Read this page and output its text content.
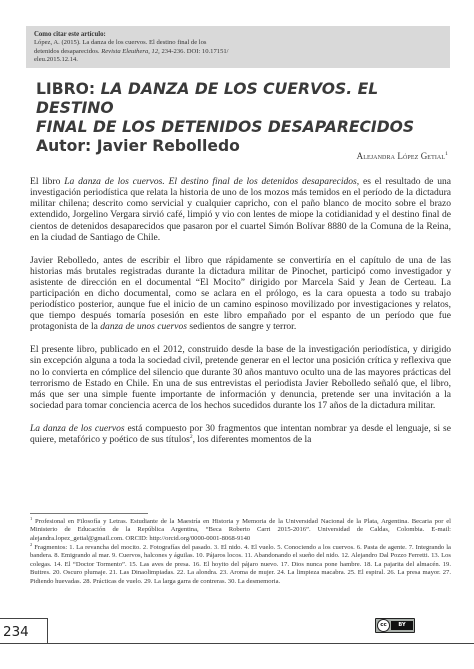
Como citar este artículo:
López, A. (2015). La danza de los cuervos. El destino final de los
detenidos desaparecidos. Revista Eleuthera, 12, 234-236. DOI: 10.17151/
eleu.2015.12.14.
LIBRO: LA DANZA DE LOS CUERVOS. EL DESTINO
FINAL DE LOS DETENIDOS DESAPARECIDOS
Autor: Javier Rebolledo
Alejandra López Getial$^1$

El libro La danza de los cuervos. El destino final de los detenidos desaparecidos, es el resultado de una investigación periodística que relata la historia de uno de los mozos más temidos en el período de la dictadura militar chilena; descrito como servicial y cualquier capricho, con el paño blanco de mocito sobre el brazo extendido, Jorgelino Vergara sirvió café, limpió y vio con lentes de miope la cotidianidad y el destino final de cientos de detenidos desaparecidos que pasaron por el cuartel Simón Bolívar 8880 de la Comuna de la Reina, en la ciudad de Santiago de Chile.

Javier Rebolledo, antes de escribir el libro que rápidamente se convertiría en el capítulo de una de las historias más brutales registradas durante la dictadura militar de Pinochet, participó como investigador y asistente de dirección en el documental “El Mocito” dirigido por Marcela Said y Jean de Certeau. La participación en dicho documental, como se aclara en el prólogo, es la cara opuesta a todo su trabajo periodístico posterior, aunque fue el inicio de un camino espinoso movilizado por investigaciones y relatos, que tiempo después tomaría posesión en este libro empañado por el espanto de un período que fue protagonista de la danza de unos cuervos sedientos de sangre y terror.

El presente libro, publicado en el 2012, construido desde la base de la investigación periodística, y dirigido sin excepción alguna a toda la sociedad civil, pretende generar en el lector una posición crítica y reflexiva que no lo convierta en cómplice del silencio que durante 30 años mantuvo oculto una de las mayores prácticas del terrorismo de Estado en Chile. En una de sus entrevistas el periodista Javier Rebolledo señaló que, el libro, más que ser una simple fuente importante de información y denuncia, pretende ser una invitación a la sociedad para tomar conciencia acerca de los hechos sucedidos durante los 17 años de la dictadura militar.

La danza de los cuervos está compuesto por 30 fragmentos que intentan nombrar ya desde el lenguaje, si se quiere, metafórico y poético de sus títulos$^2$, los diferentes momentos de la

$^1$ Profesional en Filosofía y Letras. Estudiante de la Maestría en Historia y Memoria de la Universidad Nacional de la Plata, Argentina. Becaria por el Ministerio de Educación de la República Argentina, “Beca Roberto Carri 2015-2016”. Universidad de Caldas, Colombia. E-mail: alejandra.lopez_getial@gmail.com. ORCID: http://orcid.org/0000-0001-8068-9140

$^2$ Fragmentos: 1. La revancha del mocito. 2. Fotografías del pasado. 3. El nido. 4. El vuelo. 5. Conociendo a los cuervos. 6. Pasta de agente. 7. Integrando la bandera. 8. Emigrando al mar. 9. Cuervos, halcones y águilas. 10. Pájaros locos. 11. Abandonando el sueño del nido. 12. Alejandro Dal Pozzo Ferretti. 13. Los colegas. 14. El “Doctor Tormento”. 15. Las aves de presa. 16. El hoyito del pájaro nuevo. 17. Dios nunca pone hambre. 18. La pajarita del almacén. 19. Buitres. 20. Oscuro plumaje. 21. Las Dinaolimpiadas. 22. La alondra. 23. Aroma de mujer. 24. La limpieza macabra. 25. El espiral. 26. La presa mayor. 27. Pidiendo huevadas. 28. Prácticas de vuelo. 29. La larga garra de contreras. 30. La desmemoria.

234	cc	BY
